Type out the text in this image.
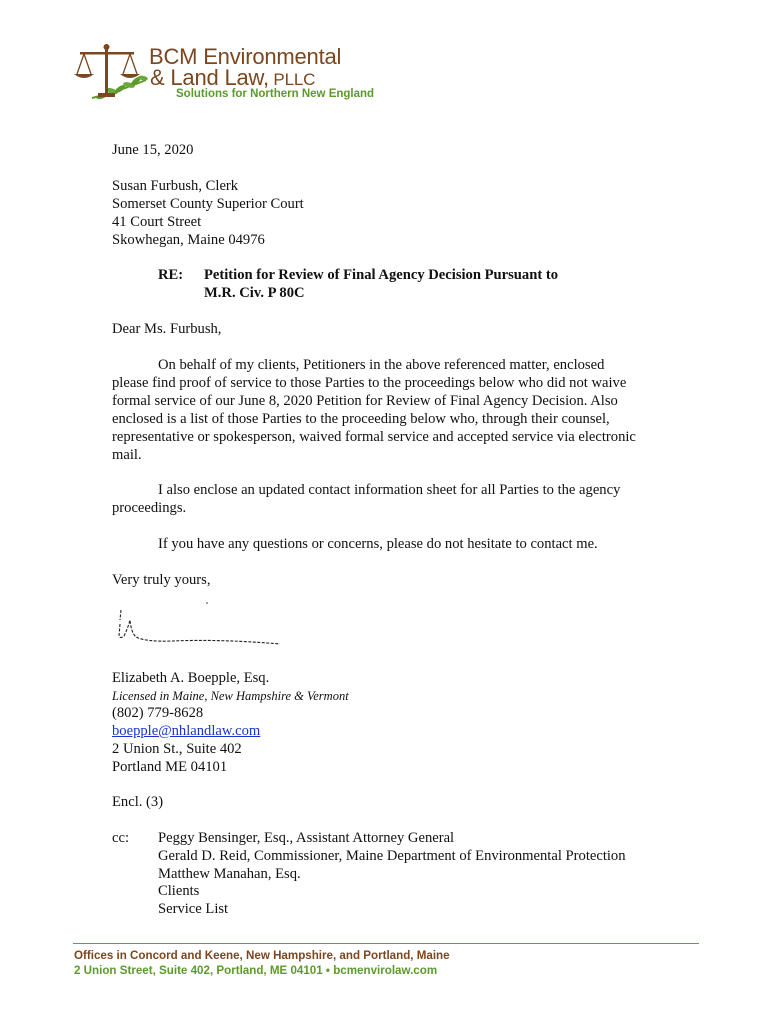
BCM Environmental
& Land Law, PLLC
Solutions for Northern New England
June 15, 2020
Susan Furbush, Clerk
Somerset County Superior Court
41 Court Street
Skowhegan, Maine 04976
RE: Petition for Review of Final Agency Decision Pursuant to
M.R. Civ. P 80C
Dear Ms. Furbush,
On behalf of my clients, Petitioners in the above referenced matter, enclosed
please find proof of service to those Parties to the proceedings below who did not waive
formal service of our June 8, 2020 Petition for Review of Final Agency Decision. Also
enclosed is a list of those Parties to the proceeding below who, through their counsel,
representative or spokesperson, waived formal service and accepted service via electronic
mail.
I also enclose an updated contact information sheet for all Parties to the agency
proceedings.
If you have any questions or concerns, please do not hesitate to contact me.
Very truly yours,
Elizabeth A. Boepple, Esq.
Licensed in Maine, New Hampshire & Vermont
(802) 779-8628
boepple@nhlandlaw.com
2 Union St., Suite 402
Portland ME 04101
Encl. (3)
cc: Peggy Bensinger, Esq., Assistant Attorney General
Gerald D. Reid, Commissioner, Maine Department of Environmental Protection
Matthew Manahan, Esq.
Clients
Service List
Offices in Concord and Keene, New Hampshire, and Portland, Maine
2 Union Street, Suite 402, Portland, ME 04101 • bcmenvirolaw.com
